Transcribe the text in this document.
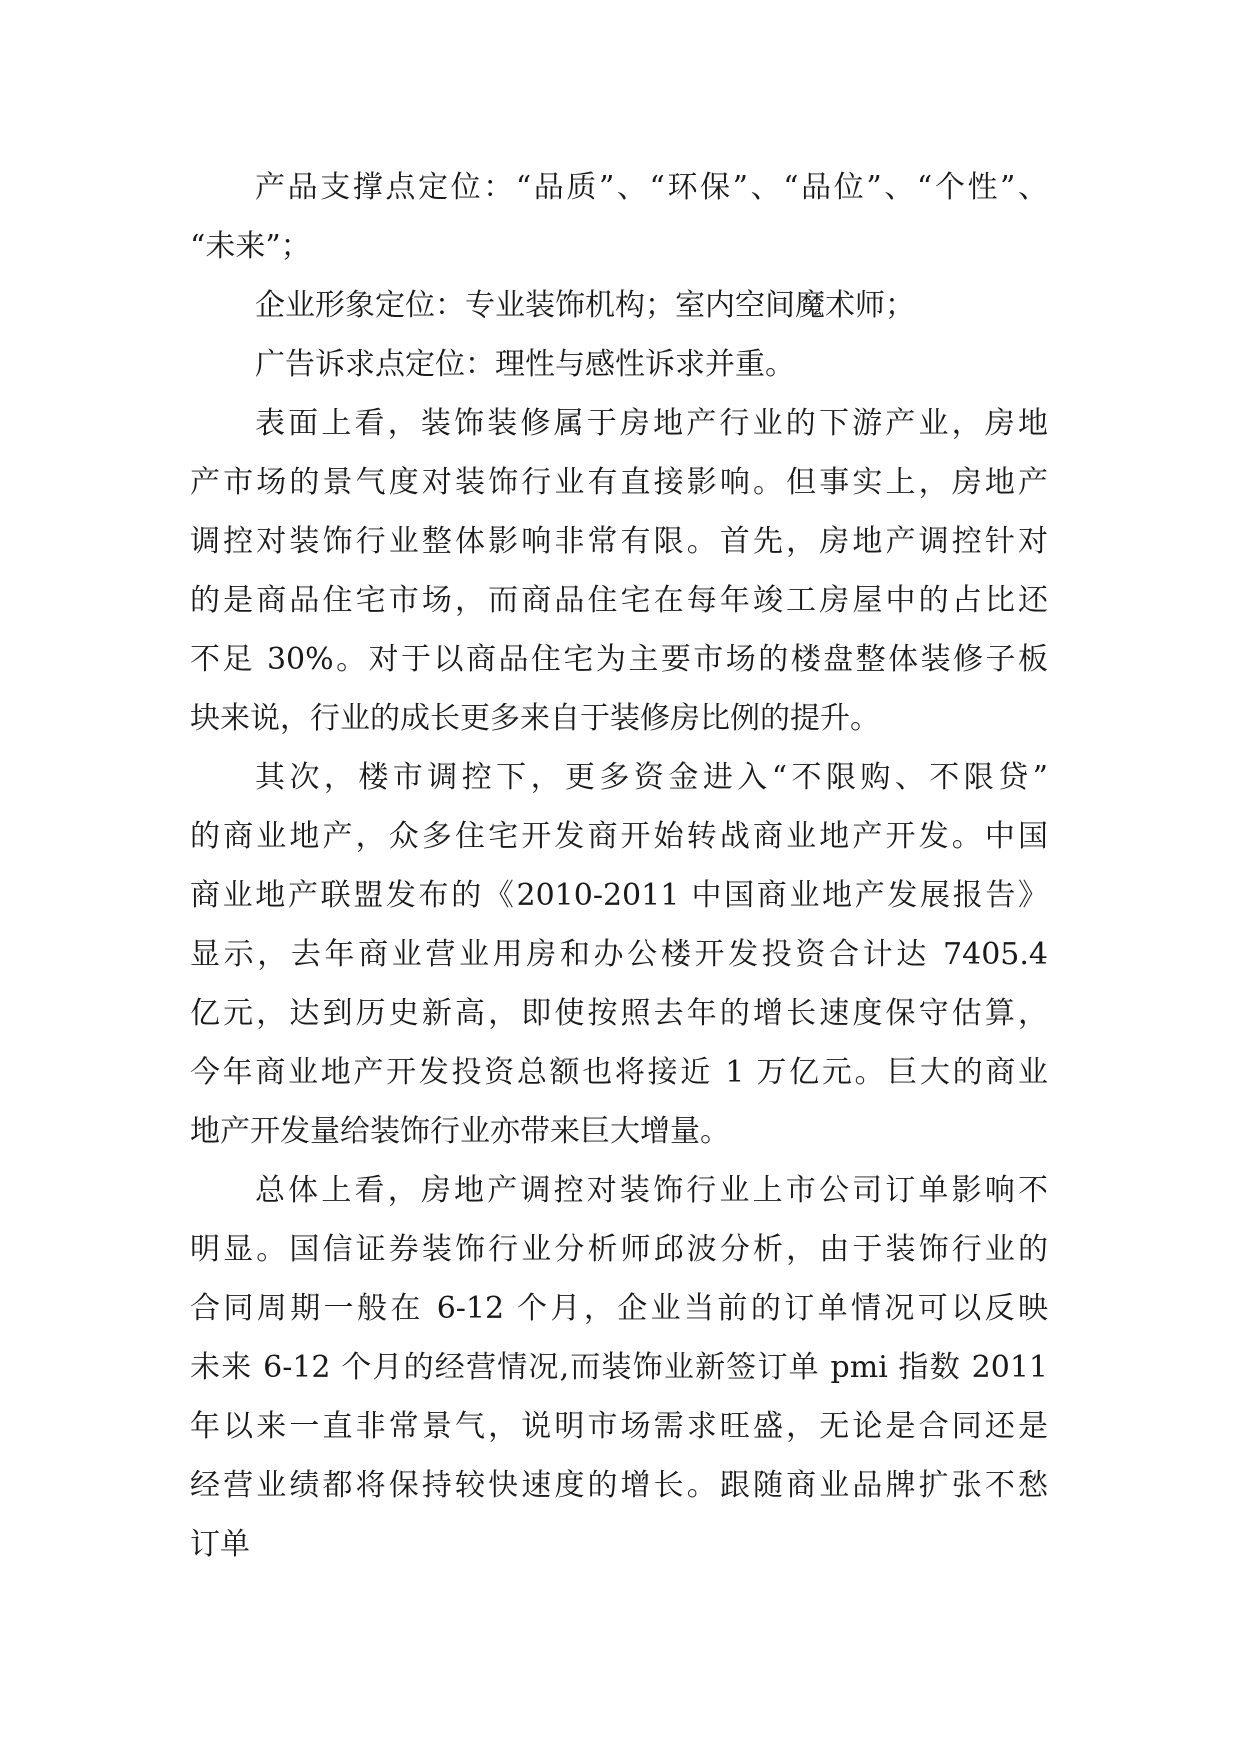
产品支撑点定位：“品质”、“环保”、“品位”、“个性”、
“未来”；
企业形象定位：专业装饰机构；室内空间魔术师；
广告诉求点定位：理性与感性诉求并重。
表面上看，装饰装修属于房地产行业的下游产业，房地
产市场的景气度对装饰行业有直接影响。但事实上，房地产
调控对装饰行业整体影响非常有限。首先，房地产调控针对
的是商品住宅市场，而商品住宅在每年竣工房屋中的占比还
不足 30%。对于以商品住宅为主要市场的楼盘整体装修子板
块来说，行业的成长更多来自于装修房比例的提升。
其次，楼市调控下，更多资金进入“不限购、不限贷”
的商业地产，众多住宅开发商开始转战商业地产开发。中国
商业地产联盟发布的《2010-2011 中国商业地产发展报告》
显示，去年商业营业用房和办公楼开发投资合计达 7405.4
亿元，达到历史新高，即使按照去年的增长速度保守估算，
今年商业地产开发投资总额也将接近 1 万亿元。巨大的商业
地产开发量给装饰行业亦带来巨大增量。
总体上看，房地产调控对装饰行业上市公司订单影响不
明显。国信证券装饰行业分析师邱波分析，由于装饰行业的
合同周期一般在 6-12 个月，企业当前的订单情况可以反映
未来 6-12 个月的经营情况,而装饰业新签订单 pmi 指数 2011
年以来一直非常景气，说明市场需求旺盛，无论是合同还是
经营业绩都将保持较快速度的增长。跟随商业品牌扩张不愁
订单
